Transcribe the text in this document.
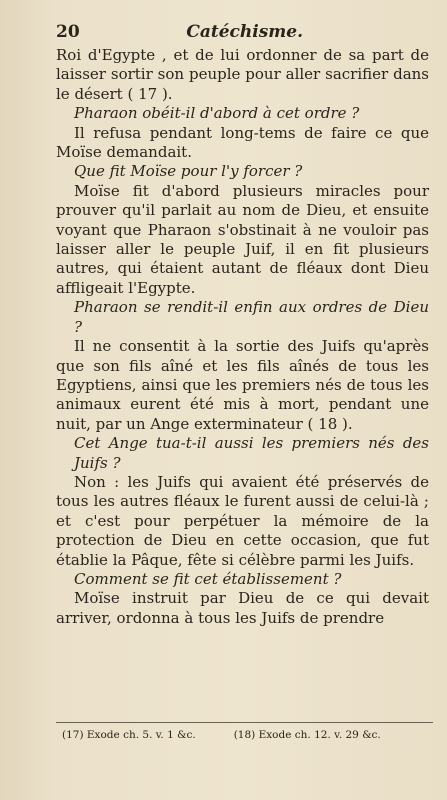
20	Catéchisme.

Roi d'Egypte , et de lui ordonner de sa part de laisser sortir son peuple pour aller sacrifier dans le désert ( 17 ).

Pharaon obéit-il d'abord à cet ordre ?

Il refusa pendant long-tems de faire ce que Moïse demandait.

Que fit Moïse pour l'y forcer ?

Moïse fit d'abord plusieurs miracles pour prouver qu'il parlait au nom de Dieu, et ensuite voyant que Pharaon s'obstinait à ne vouloir pas laisser aller le peuple Juif, il en fit plusieurs autres, qui étaient autant de fléaux dont Dieu affligeait l'Egypte.

Pharaon se rendit-il enfin aux ordres de Dieu ?

Il ne consentit à la sortie des Juifs qu'après que son fils aîné et les fils aînés de tous les Egyptiens, ainsi que les premiers nés de tous les animaux eurent été mis à mort, pendant une nuit, par un Ange exterminateur ( 18 ).

Cet Ange tua-t-il aussi les premiers nés des Juifs ?

Non : les Juifs qui avaient été préservés de tous les autres fléaux le furent aussi de celui-là ; et c'est pour perpétuer la mémoire de la protection de Dieu en cette occasion, que fut établie la Pâque, fête si célèbre parmi les Juifs.

Comment se fit cet établissement ?

Moïse instruit par Dieu de ce qui devait arriver, ordonna à tous les Juifs de prendre

(17) Exode ch. 5. v. 1 &c.	(18) Exode ch. 12. v. 29 &c.
